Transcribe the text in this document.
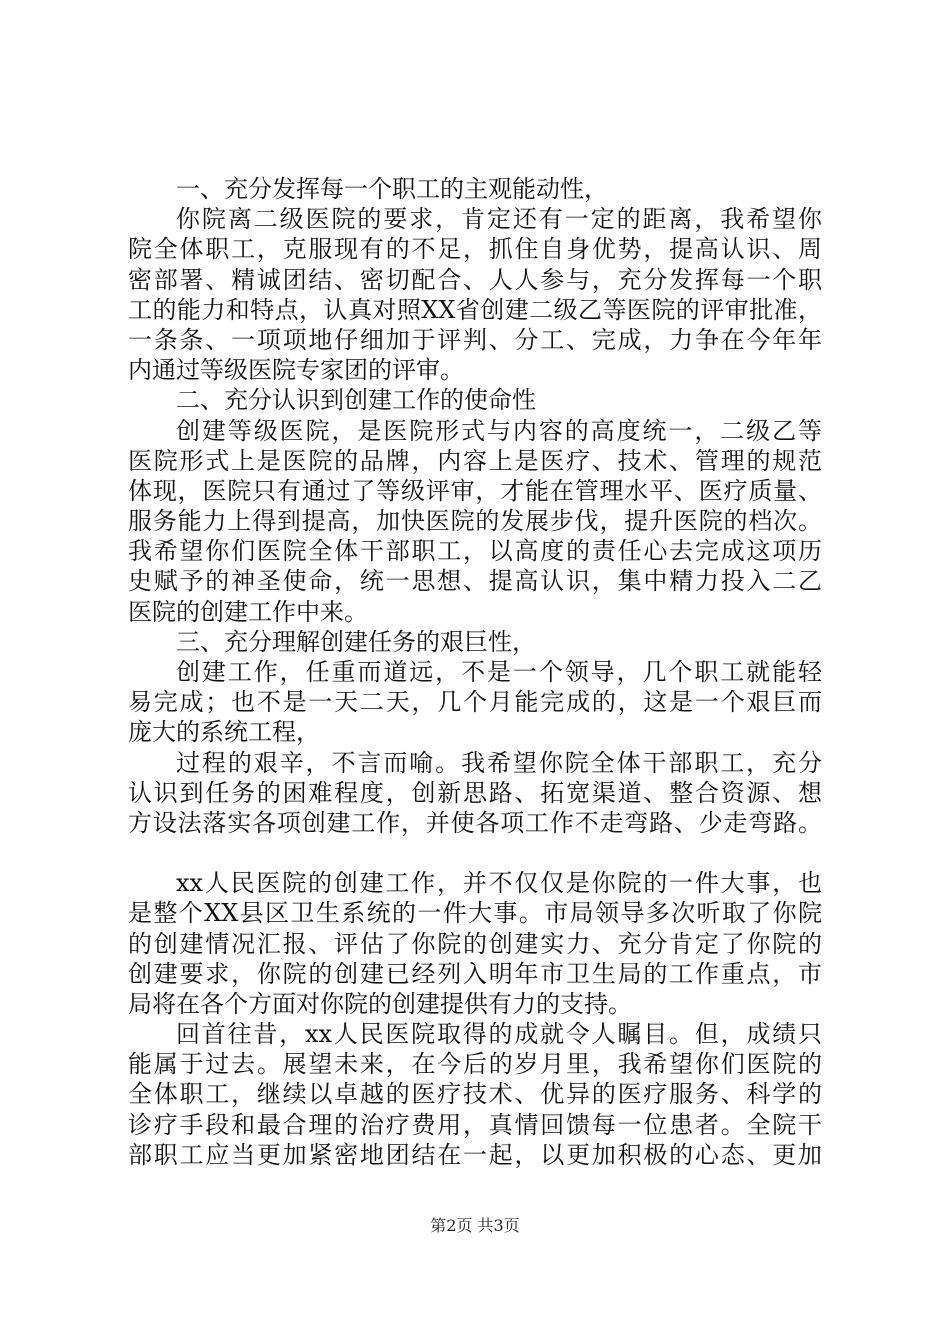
一、充分发挥每一个职工的主观能动性，
你院离二级医院的要求，肯定还有一定的距离，我希望你
院全体职工，克服现有的不足，抓住自身优势，提高认识、周
密部署、精诚团结、密切配合、人人参与，充分发挥每一个职
工的能力和特点，认真对照XX省创建二级乙等医院的评审批准，
一条条、一项项地仔细加于评判、分工、完成，力争在今年年
内通过等级医院专家团的评审。
二、充分认识到创建工作的使命性
创建等级医院，是医院形式与内容的高度统一，二级乙等
医院形式上是医院的品牌，内容上是医疗、技术、管理的规范
体现，医院只有通过了等级评审，才能在管理水平、医疗质量、
服务能力上得到提高，加快医院的发展步伐，提升医院的档次。
我希望你们医院全体干部职工，以高度的责任心去完成这项历
史赋予的神圣使命，统一思想、提高认识，集中精力投入二乙
医院的创建工作中来。
三、充分理解创建任务的艰巨性，
创建工作，任重而道远，不是一个领导，几个职工就能轻
易完成；也不是一天二天，几个月能完成的，这是一个艰巨而
庞大的系统工程，
过程的艰辛，不言而喻。我希望你院全体干部职工，充分
认识到任务的困难程度，创新思路、拓宽渠道、整合资源、想
方设法落实各项创建工作，并使各项工作不走弯路、少走弯路。
xx人民医院的创建工作，并不仅仅是你院的一件大事，也
是整个XX县区卫生系统的一件大事。市局领导多次听取了你院
的创建情况汇报、评估了你院的创建实力、充分肯定了你院的
创建要求，你院的创建已经列入明年市卫生局的工作重点，市
局将在各个方面对你院的创建提供有力的支持。
回首往昔，xx人民医院取得的成就令人瞩目。但，成绩只
能属于过去。展望未来，在今后的岁月里，我希望你们医院的
全体职工，继续以卓越的医疗技术、优异的医疗服务、科学的
诊疗手段和最合理的治疗费用，真情回馈每一位患者。全院干
部职工应当更加紧密地团结在一起，以更加积极的心态、更加
第2页 共3页
